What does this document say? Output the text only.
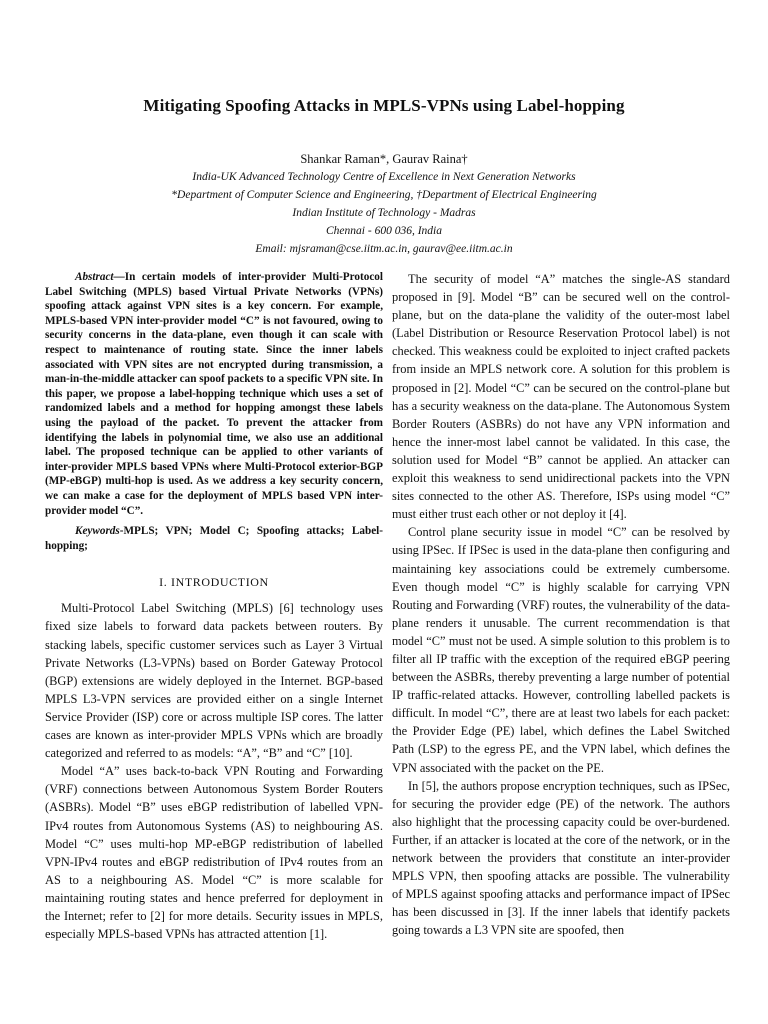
Mitigating Spoofing Attacks in MPLS-VPNs using Label-hopping
Shankar Raman*, Gaurav Raina†
India-UK Advanced Technology Centre of Excellence in Next Generation Networks
*Department of Computer Science and Engineering, †Department of Electrical Engineering
Indian Institute of Technology - Madras
Chennai - 600 036, India
Email: mjsraman@cse.iitm.ac.in, gaurav@ee.iitm.ac.in

Abstract—In certain models of inter-provider Multi-Protocol Label Switching (MPLS) based Virtual Private Networks (VPNs) spoofing attack against VPN sites is a key concern. For example, MPLS-based VPN inter-provider model “C” is not favoured, owing to security concerns in the data-plane, even though it can scale with respect to maintenance of routing state. Since the inner labels associated with VPN sites are not encrypted during transmission, a man-in-the-middle attacker can spoof packets to a specific VPN site. In this paper, we propose a label-hopping technique which uses a set of randomized labels and a method for hopping amongst these labels using the payload of the packet. To prevent the attacker from identifying the labels in polynomial time, we also use an additional label. The proposed technique can be applied to other variants of inter-provider MPLS based VPNs where Multi-Protocol exterior-BGP (MP-eBGP) multi-hop is used. As we address a key security concern, we can make a case for the deployment of MPLS based VPN inter-provider model “C”.

Keywords-MPLS; VPN; Model C; Spoofing attacks; Label-hopping;

I. INTRODUCTION

Multi-Protocol Label Switching (MPLS) [6] technology uses fixed size labels to forward data packets between routers. By stacking labels, specific customer services such as Layer 3 Virtual Private Networks (L3-VPNs) based on Border Gateway Protocol (BGP) extensions are widely deployed in the Internet. BGP-based MPLS L3-VPN services are provided either on a single Internet Service Provider (ISP) core or across multiple ISP cores. The latter cases are known as inter-provider MPLS VPNs which are broadly categorized and referred to as models: “A”, “B” and “C” [10].

Model “A” uses back-to-back VPN Routing and Forwarding (VRF) connections between Autonomous System Border Routers (ASBRs). Model “B” uses eBGP redistribution of labelled VPN-IPv4 routes from Autonomous Systems (AS) to neighbouring AS. Model “C” uses multi-hop MP-eBGP redistribution of labelled VPN-IPv4 routes and eBGP redistribution of IPv4 routes from an AS to a neighbouring AS. Model “C” is more scalable for maintaining routing states and hence preferred for deployment in the Internet; refer to [2] for more details. Security issues in MPLS, especially MPLS-based VPNs has attracted attention [1].

The security of model “A” matches the single-AS standard proposed in [9]. Model “B” can be secured well on the control-plane, but on the data-plane the validity of the outer-most label (Label Distribution or Resource Reservation Protocol label) is not checked. This weakness could be exploited to inject crafted packets from inside an MPLS network core. A solution for this problem is proposed in [2]. Model “C” can be secured on the control-plane but has a security weakness on the data-plane. The Autonomous System Border Routers (ASBRs) do not have any VPN information and hence the inner-most label cannot be validated. In this case, the solution used for Model “B” cannot be applied. An attacker can exploit this weakness to send unidirectional packets into the VPN sites connected to the other AS. Therefore, ISPs using model “C” must either trust each other or not deploy it [4].

Control plane security issue in model “C” can be resolved by using IPSec. If IPSec is used in the data-plane then configuring and maintaining key associations could be extremely cumbersome. Even though model “C” is highly scalable for carrying VPN Routing and Forwarding (VRF) routes, the vulnerability of the data-plane renders it unusable. The current recommendation is that model “C” must not be used. A simple solution to this problem is to filter all IP traffic with the exception of the required eBGP peering between the ASBRs, thereby preventing a large number of potential IP traffic-related attacks. However, controlling labelled packets is difficult. In model “C”, there are at least two labels for each packet: the Provider Edge (PE) label, which defines the Label Switched Path (LSP) to the egress PE, and the VPN label, which defines the VPN associated with the packet on the PE.

In [5], the authors propose encryption techniques, such as IPSec, for securing the provider edge (PE) of the network. The authors also highlight that the processing capacity could be over-burdened. Further, if an attacker is located at the core of the network, or in the network between the providers that constitute an inter-provider MPLS VPN, then spoofing attacks are possible. The vulnerability of MPLS against spoofing attacks and performance impact of IPSec has been discussed in [3]. If the inner labels that identify packets going towards a L3 VPN site are spoofed, then
